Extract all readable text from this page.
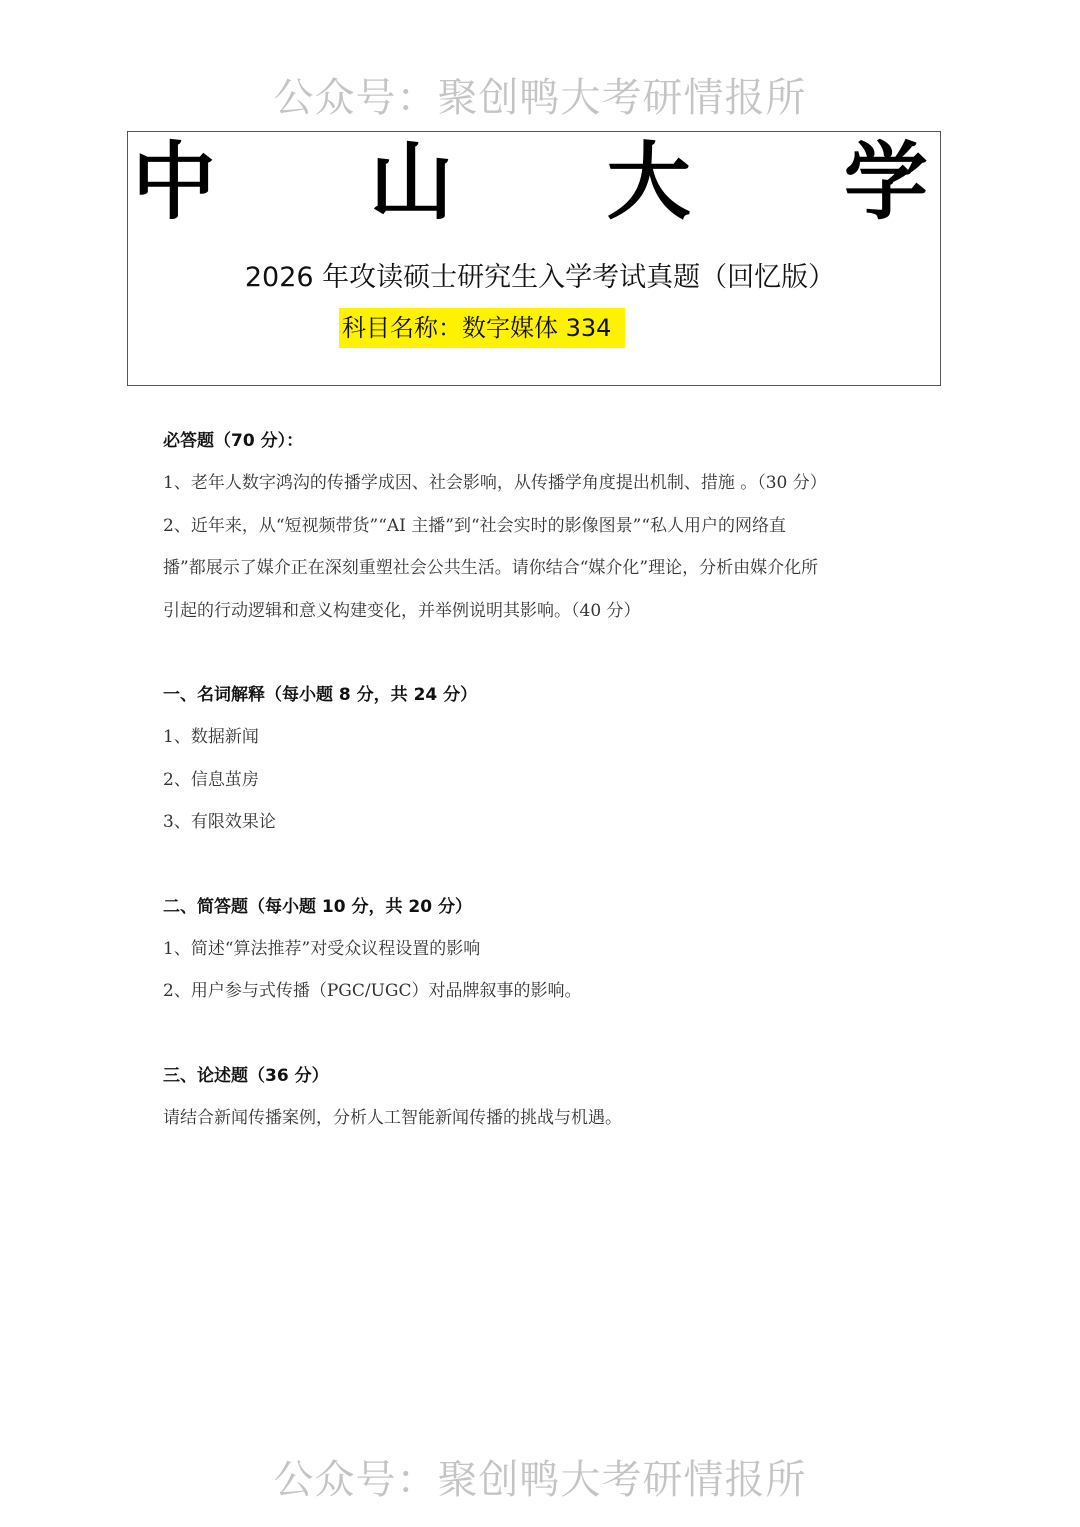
公众号：聚创鸭大考研情报所
中 山 大 学
2026 年攻读硕士研究生入学考试真题（回忆版）
科目名称：数字媒体 334
必答题（70 分）：
1、老年人数字鸿沟的传播学成因、社会影响，从传播学角度提出机制、措施 。（30 分）
2、近年来，从“短视频带货”“AI 主播”到“社会实时的影像图景”“私人用户的网络直
播”都展示了媒介正在深刻重塑社会公共生活。请你结合“媒介化”理论，分析由媒介化所
引起的行动逻辑和意义构建变化，并举例说明其影响。（40 分）
一、名词解释（每小题 8 分，共 24 分）
1、数据新闻
2、信息茧房
3、有限效果论
二、简答题（每小题 10 分，共 20 分）
1、简述“算法推荐”对受众议程设置的影响
2、用户参与式传播（PGC/UGC）对品牌叙事的影响。
三、论述题（36 分）
请结合新闻传播案例，分析人工智能新闻传播的挑战与机遇。
公众号：聚创鸭大考研情报所
